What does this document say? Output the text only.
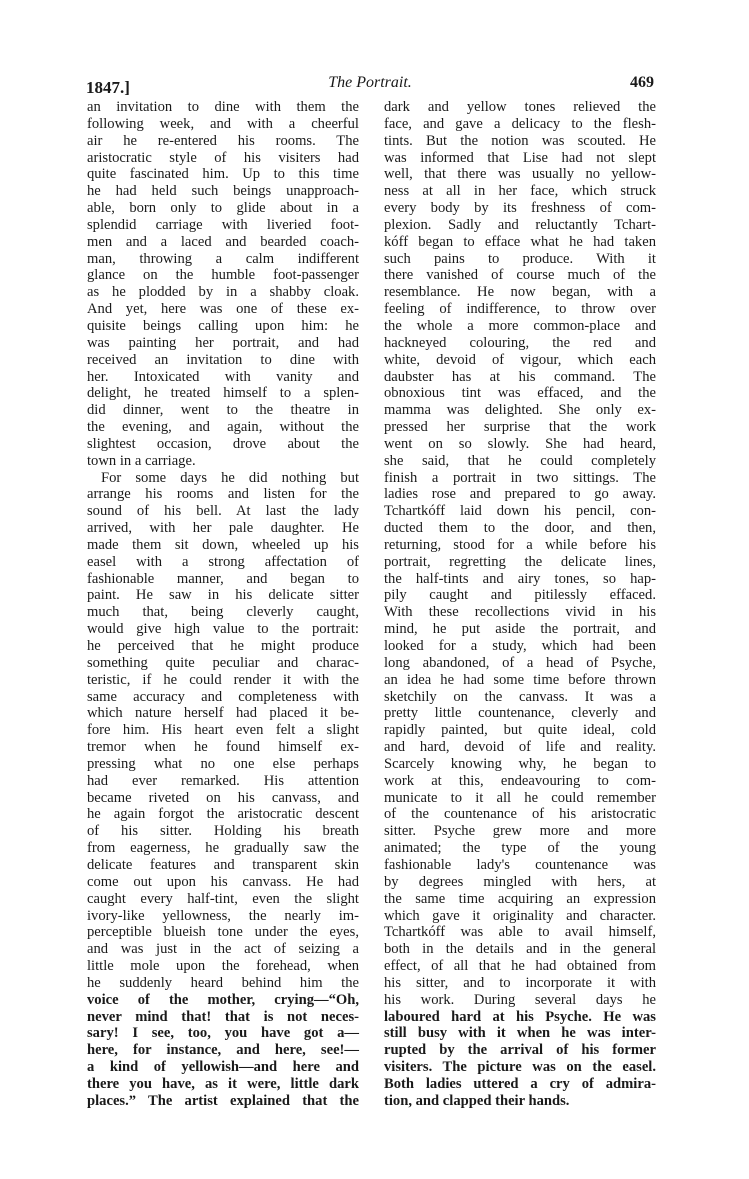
1847.]	The Portrait.	469
an invitation to dine with them the
following week, and with a cheerful
air he re-entered his rooms. The
aristocratic style of his visiters had
quite fascinated him. Up to this time
he had held such beings unapproach-
able, born only to glide about in a
splendid carriage with liveried foot-
men and a laced and bearded coach-
man, throwing a calm indifferent
glance on the humble foot-passenger
as he plodded by in a shabby cloak.
And yet, here was one of these ex-
quisite beings calling upon him: he
was painting her portrait, and had
received an invitation to dine with
her. Intoxicated with vanity and
delight, he treated himself to a splen-
did dinner, went to the theatre in
the evening, and again, without the
slightest occasion, drove about the
town in a carriage.
For some days he did nothing but
arrange his rooms and listen for the
sound of his bell. At last the lady
arrived, with her pale daughter. He
made them sit down, wheeled up his
easel with a strong affectation of
fashionable manner, and began to
paint. He saw in his delicate sitter
much that, being cleverly caught,
would give high value to the portrait:
he perceived that he might produce
something quite peculiar and charac-
teristic, if he could render it with the
same accuracy and completeness with
which nature herself had placed it be-
fore him. His heart even felt a slight
tremor when he found himself ex-
pressing what no one else perhaps
had ever remarked. His attention
became riveted on his canvass, and
he again forgot the aristocratic descent
of his sitter. Holding his breath
from eagerness, he gradually saw the
delicate features and transparent skin
come out upon his canvass. He had
caught every half-tint, even the slight
ivory-like yellowness, the nearly im-
perceptible blueish tone under the eyes,
and was just in the act of seizing a
little mole upon the forehead, when
he suddenly heard behind him the
voice of the mother, crying—“Oh,
never mind that! that is not neces-
sary! I see, too, you have got a—
here, for instance, and here, see!—
a kind of yellowish—and here and
there you have, as it were, little dark
places.” The artist explained that the
dark and yellow tones relieved the
face, and gave a delicacy to the flesh-
tints. But the notion was scouted. He
was informed that Lise had not slept
well, that there was usually no yellow-
ness at all in her face, which struck
every body by its freshness of com-
plexion. Sadly and reluctantly Tchart-
kóff began to efface what he had taken
such pains to produce. With it
there vanished of course much of the
resemblance. He now began, with a
feeling of indifference, to throw over
the whole a more common-place and
hackneyed colouring, the red and
white, devoid of vigour, which each
daubster has at his command. The
obnoxious tint was effaced, and the
mamma was delighted. She only ex-
pressed her surprise that the work
went on so slowly. She had heard,
she said, that he could completely
finish a portrait in two sittings. The
ladies rose and prepared to go away.
Tchartkóff laid down his pencil, con-
ducted them to the door, and then,
returning, stood for a while before his
portrait, regretting the delicate lines,
the half-tints and airy tones, so hap-
pily caught and pitilessly effaced.
With these recollections vivid in his
mind, he put aside the portrait, and
looked for a study, which had been
long abandoned, of a head of Psyche,
an idea he had some time before thrown
sketchily on the canvass. It was a
pretty little countenance, cleverly and
rapidly painted, but quite ideal, cold
and hard, devoid of life and reality.
Scarcely knowing why, he began to
work at this, endeavouring to com-
municate to it all he could remember
of the countenance of his aristocratic
sitter. Psyche grew more and more
animated; the type of the young
fashionable lady's countenance was
by degrees mingled with hers, at
the same time acquiring an expression
which gave it originality and character.
Tchartkóff was able to avail himself,
both in the details and in the general
effect, of all that he had obtained from
his sitter, and to incorporate it with
his work. During several days he
laboured hard at his Psyche. He was
still busy with it when he was inter-
rupted by the arrival of his former
visiters. The picture was on the easel.
Both ladies uttered a cry of admira-
tion, and clapped their hands.
